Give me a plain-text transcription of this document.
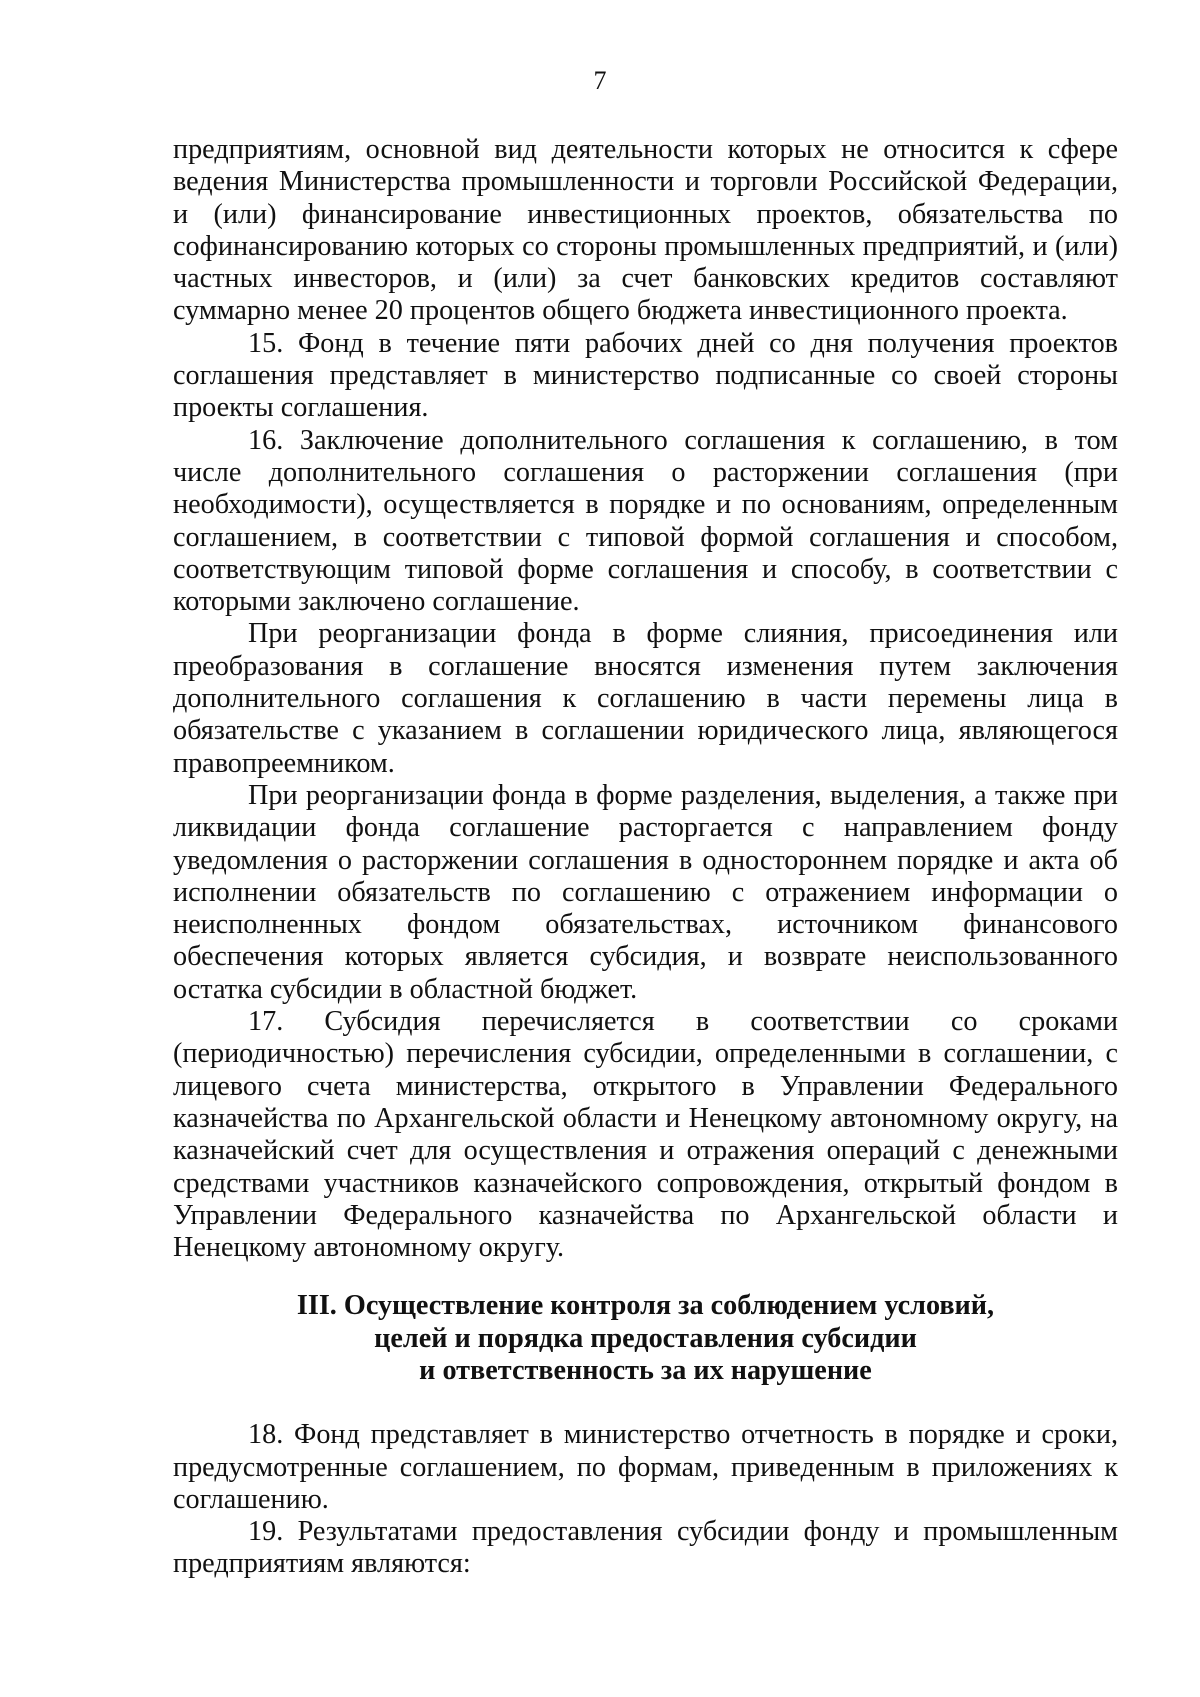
7

предприятиям, основной вид деятельности которых не относится к сфере ведения Министерства промышленности и торговли Российской Федерации, и (или) финансирование инвестиционных проектов, обязательства по софинансированию которых со стороны промышленных предприятий, и (или) частных инвесторов, и (или) за счет банковских кредитов составляют суммарно менее 20 процентов общего бюджета инвестиционного проекта.

15. Фонд в течение пяти рабочих дней со дня получения проектов соглашения представляет в министерство подписанные со своей стороны проекты соглашения.

16. Заключение дополнительного соглашения к соглашению, в том числе дополнительного соглашения о расторжении соглашения (при необходимости), осуществляется в порядке и по основаниям, определенным соглашением, в соответствии с типовой формой соглашения и способом, соответствующим типовой форме соглашения и способу, в соответствии с которыми заключено соглашение.

При реорганизации фонда в форме слияния, присоединения или преобразования в соглашение вносятся изменения путем заключения дополнительного соглашения к соглашению в части перемены лица в обязательстве с указанием в соглашении юридического лица, являющегося правопреемником.

При реорганизации фонда в форме разделения, выделения, а также при ликвидации фонда соглашение расторгается с направлением фонду уведомления о расторжении соглашения в одностороннем порядке и акта об исполнении обязательств по соглашению с отражением информации о неисполненных фондом обязательствах, источником финансового обеспечения которых является субсидия, и возврате неиспользованного остатка субсидии в областной бюджет.

17. Субсидия перечисляется в соответствии со сроками (периодичностью) перечисления субсидии, определенными в соглашении, с лицевого счета министерства, открытого в Управлении Федерального казначейства по Архангельской области и Ненецкому автономному округу, на казначейский счет для осуществления и отражения операций с денежными средствами участников казначейского сопровождения, открытый фондом в Управлении Федерального казначейства по Архангельской области и Ненецкому автономному округу.

III. Осуществление контроля за соблюдением условий,
целей и порядка предоставления субсидии
и ответственность за их нарушение

18. Фонд представляет в министерство отчетность в порядке и сроки, предусмотренные соглашением, по формам, приведенным в приложениях к соглашению.

19. Результатами предоставления субсидии фонду и промышленным предприятиям являются:
